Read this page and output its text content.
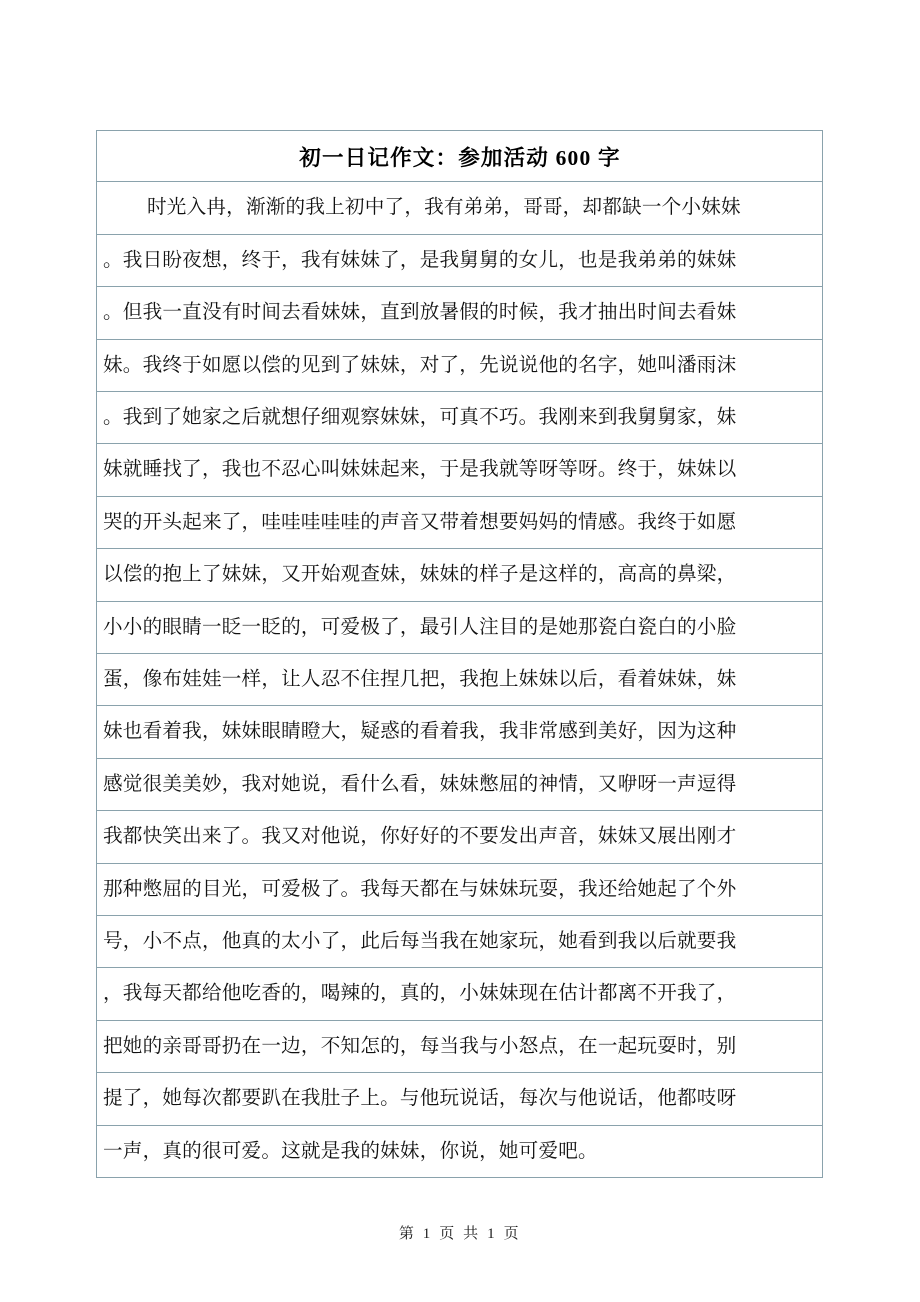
初一日记作文：参加活动 600 字
时光入冉，渐渐的我上初中了，我有弟弟，哥哥，却都缺一个小妹妹
。我日盼夜想，终于，我有妹妹了，是我舅舅的女儿，也是我弟弟的妹妹
。但我一直没有时间去看妹妹，直到放暑假的时候，我才抽出时间去看妹
妹。我终于如愿以偿的见到了妹妹，对了，先说说他的名字，她叫潘雨沫
。我到了她家之后就想仔细观察妹妹，可真不巧。我刚来到我舅舅家，妹
妹就睡找了，我也不忍心叫妹妹起来，于是我就等呀等呀。终于，妹妹以
哭的开头起来了，哇哇哇哇哇的声音又带着想要妈妈的情感。我终于如愿
以偿的抱上了妹妹，又开始观查妹，妹妹的样子是这样的，高高的鼻梁，
小小的眼睛一眨一眨的，可爱极了，最引人注目的是她那瓷白瓷白的小脸
蛋，像布娃娃一样，让人忍不住捏几把，我抱上妹妹以后，看着妹妹，妹
妹也看着我，妹妹眼睛瞪大，疑惑的看着我，我非常感到美好，因为这种
感觉很美美妙，我对她说，看什么看，妹妹憋屈的神情，又咿呀一声逗得
我都快笑出来了。我又对他说，你好好的不要发出声音，妹妹又展出刚才
那种憋屈的目光，可爱极了。我每天都在与妹妹玩耍，我还给她起了个外
号，小不点，他真的太小了，此后每当我在她家玩，她看到我以后就要我
，我每天都给他吃香的，喝辣的，真的，小妹妹现在估计都离不开我了，
把她的亲哥哥扔在一边，不知怎的，每当我与小怒点，在一起玩耍时，别
提了，她每次都要趴在我肚子上。与他玩说话，每次与他说话，他都吱呀
一声，真的很可爱。这就是我的妹妹，你说，她可爱吧。
第 1 页 共 1 页
